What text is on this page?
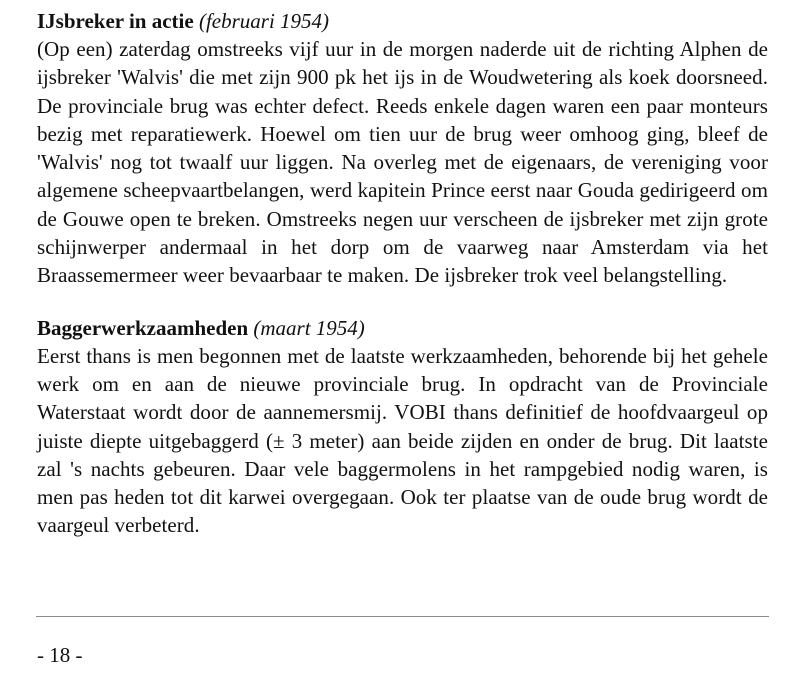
IJsbreker in actie (februari 1954)

(Op een) zaterdag omstreeks vijf uur in de morgen naderde uit de richting Alphen de ijsbreker 'Walvis' die met zijn 900 pk het ijs in de Woudwetering als koek doorsneed. De provinciale brug was echter defect. Reeds enkele dagen waren een paar monteurs bezig met reparatiewerk. Hoewel om tien uur de brug weer omhoog ging, bleef de 'Walvis' nog tot twaalf uur liggen. Na overleg met de eigenaars, de vereniging voor algemene scheepvaartbelangen, werd kapitein Prince eerst naar Gouda gedirigeerd om de Gouwe open te breken. Omstreeks negen uur verscheen de ijsbreker met zijn grote schijnwerper andermaal in het dorp om de vaarweg naar Amsterdam via het Braassemermeer weer bevaarbaar te maken. De ijsbreker trok veel belangstelling.

Baggerwerkzaamheden (maart 1954)

Eerst thans is men begonnen met de laatste werkzaamheden, behorende bij het gehele werk om en aan de nieuwe provinciale brug. In opdracht van de Provinciale Waterstaat wordt door de aannemersmij. VOBI thans definitief de hoofdvaargeul op juiste diepte uitgebaggerd (± 3 meter) aan beide zijden en onder de brug. Dit laatste zal 's nachts gebeuren. Daar vele baggermolens in het rampgebied nodig waren, is men pas heden tot dit karwei overgegaan. Ook ter plaatse van de oude brug wordt de vaargeul verbeterd.

- 18 -
